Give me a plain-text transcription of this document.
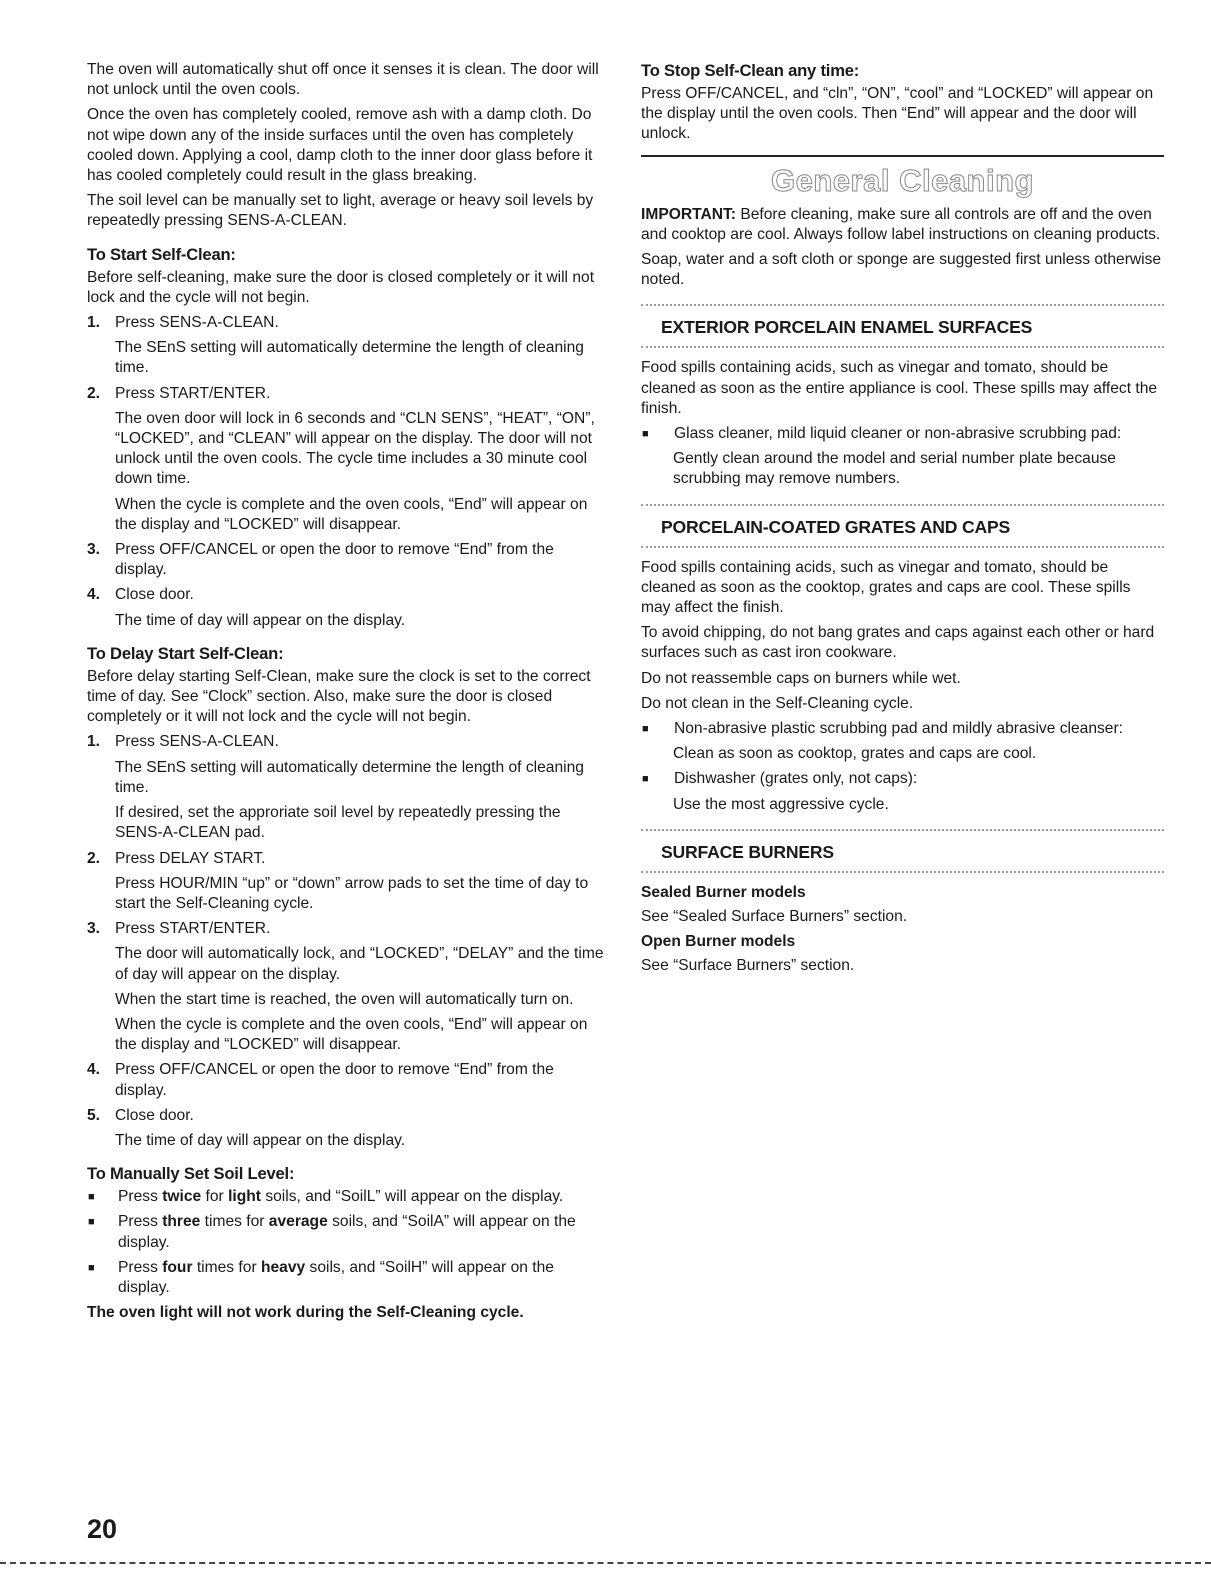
The oven will automatically shut off once it senses it is clean. The door will not unlock until the oven cools.

Once the oven has completely cooled, remove ash with a damp cloth. Do not wipe down any of the inside surfaces until the oven has completely cooled down. Applying a cool, damp cloth to the inner door glass before it has cooled completely could result in the glass breaking.

The soil level can be manually set to light, average or heavy soil levels by repeatedly pressing SENS-A-CLEAN.

To Start Self-Clean:

Before self-cleaning, make sure the door is closed completely or it will not lock and the cycle will not begin.

1. Press SENS-A-CLEAN.

The SEnS setting will automatically determine the length of cleaning time.

2. Press START/ENTER.

The oven door will lock in 6 seconds and “CLN SENS”, “HEAT”, “ON”, “LOCKED”, and “CLEAN” will appear on the display. The door will not unlock until the oven cools. The cycle time includes a 30 minute cool down time.

When the cycle is complete and the oven cools, “End” will appear on the display and “LOCKED” will disappear.

3. Press OFF/CANCEL or open the door to remove “End” from the display.
4. Close door.

The time of day will appear on the display.

To Delay Start Self-Clean:

Before delay starting Self-Clean, make sure the clock is set to the correct time of day. See “Clock” section. Also, make sure the door is closed completely or it will not lock and the cycle will not begin.

1. Press SENS-A-CLEAN.

The SEnS setting will automatically determine the length of cleaning time.

If desired, set the approriate soil level by repeatedly pressing the SENS-A-CLEAN pad.

2. Press DELAY START.

Press HOUR/MIN “up” or “down” arrow pads to set the time of day to start the Self-Cleaning cycle.

3. Press START/ENTER.

The door will automatically lock, and “LOCKED”, “DELAY” and the time of day will appear on the display.

When the start time is reached, the oven will automatically turn on.

When the cycle is complete and the oven cools, “End” will appear on the display and “LOCKED” will disappear.

4. Press OFF/CANCEL or open the door to remove “End” from the display.
5. Close door.

The time of day will appear on the display.

To Manually Set Soil Level:
■	Press twice for light soils, and “SoilL” will appear on the display.
■	Press three times for average soils, and “SoilA” will appear on the display.
■	Press four times for heavy soils, and “SoilH” will appear on the display.
The oven light will not work during the Self-Cleaning cycle.
20
To Stop Self-Clean any time:

Press OFF/CANCEL, and “cln”, “ON”, “cool” and “LOCKED” will appear on the display until the oven cools. Then “End” will appear and the door will unlock.

General Cleaning

IMPORTANT: Before cleaning, make sure all controls are off and the oven and cooktop are cool. Always follow label instructions on cleaning products.

Soap, water and a soft cloth or sponge are suggested first unless otherwise noted.

EXTERIOR PORCELAIN ENAMEL SURFACES

Food spills containing acids, such as vinegar and tomato, should be cleaned as soon as the entire appliance is cool. These spills may affect the finish.

■	Glass cleaner, mild liquid cleaner or non-abrasive scrubbing pad:

Gently clean around the model and serial number plate because scrubbing may remove numbers.

PORCELAIN-COATED GRATES AND CAPS

Food spills containing acids, such as vinegar and tomato, should be cleaned as soon as the cooktop, grates and caps are cool. These spills may affect the finish.

To avoid chipping, do not bang grates and caps against each other or hard surfaces such as cast iron cookware.

Do not reassemble caps on burners while wet.

Do not clean in the Self-Cleaning cycle.

■	Non-abrasive plastic scrubbing pad and mildly abrasive cleanser:

Clean as soon as cooktop, grates and caps are cool.

■	Dishwasher (grates only, not caps):

Use the most aggressive cycle.

SURFACE BURNERS
Sealed Burner models

See “Sealed Surface Burners” section.

Open Burner models

See “Surface Burners” section.
